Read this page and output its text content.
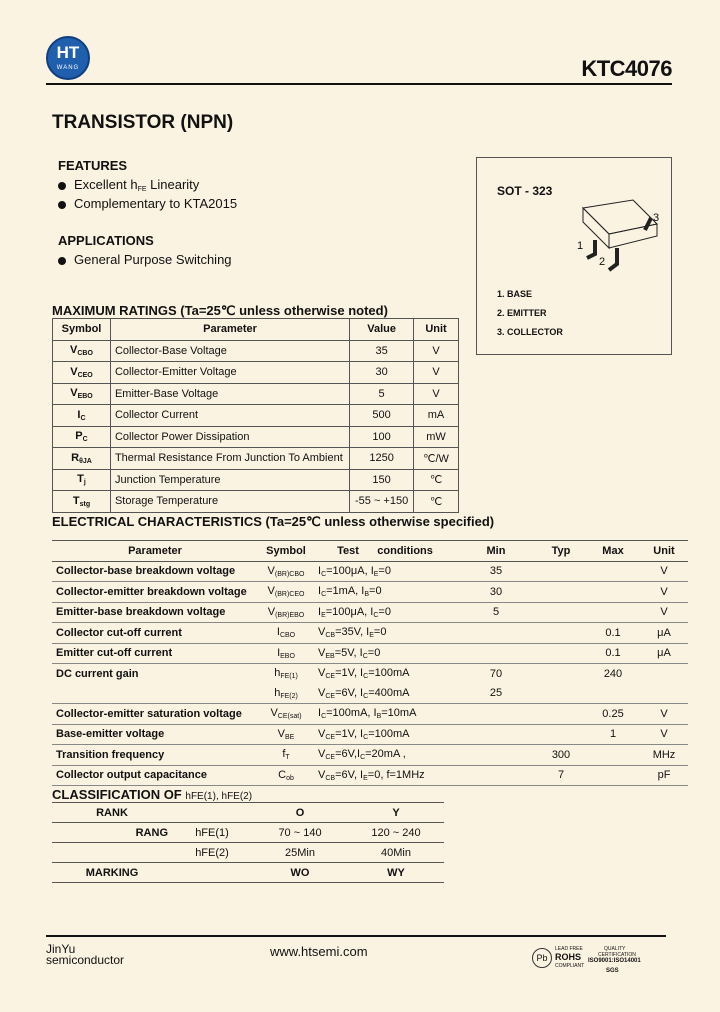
HT
WANG	KTC4076
TRANSISTOR (NPN)
FEATURES
Excellent $h_{FE}$ Linearity
Complementary to KTA2015
APPLICATIONS
General Purpose Switching
SOT - 323
1
2
3
1. BASE
2. EMITTER
3. COLLECTOR
MAXIMUM RATINGS (Ta=25℃ unless otherwise noted)
Symbol	Parameter	Value	Unit
$V_{CBO}$	Collector-Base Voltage	35	V
$V_{CEO}$	Collector-Emitter Voltage	30	V
$V_{EBO}$	Emitter-Base Voltage	5	V
$I_C$	Collector Current	500	mA
$P_C$	Collector Power Dissipation	100	mW
$R_{\theta JA}$	Thermal Resistance From Junction To Ambient	1250	℃/W
$T_j$	Junction Temperature	150	℃
$T_{stg}$	Storage Temperature	-55 ~ +150	℃
ELECTRICAL CHARACTERISTICS (Ta=25℃ unless otherwise specified)
Parameter	Symbol	Test      conditions	Min	Typ	Max	Unit
Collector-base breakdown voltage	$V_{(BR)CBO}$	$I_C=100\mu A$, $I_E=0$	35			V
Collector-emitter breakdown voltage	$V_{(BR)CEO}$	$I_C=1mA$, $I_B=0$	30			V
Emitter-base breakdown voltage	$V_{(BR)EBO}$	$I_E=100\mu A$, $I_C=0$	5			V
Collector cut-off current	$I_{CBO}$	$V_{CB}=35V$, $I_E=0$			0.1	μA
Emitter cut-off current	$I_{EBO}$	$V_{EB}=5V$, $I_C=0$			0.1	μA
DC current gain	$h_{FE(1)}$	$V_{CE}=1V$, $I_C=100mA$	70		240	
	$h_{FE(2)}$	$V_{CE}=6V$, $I_C=400mA$	25			
Collector-emitter saturation voltage	$V_{CE(sat)}$	$I_C=100mA$, $I_B=10mA$			0.25	V
Base-emitter voltage	$V_{BE}$	$V_{CE}=1V$, $I_C=100mA$			1	V
Transition frequency	$f_T$	$V_{CE}=6V,I_C=20mA$ ,		300		MHz
Collector output capacitance	$C_{ob}$	$V_{CB}=6V$, $I_E=0$, f=1MHz		7		pF
CLASSIFICATION OF hFE(1), hFE(2)
RANK		O	Y
RANG	hFE(1)	70 ~ 140	120 ~ 240
	hFE(2)	25Min	40Min
MARKING		WO	WY
JinYu
semiconductor
www.htsemi.com	Pb
LEAD FREE
ROHS
COMPLIANT
QUALITY
CERTIFICATION
ISO9001:ISO14001
SGS
